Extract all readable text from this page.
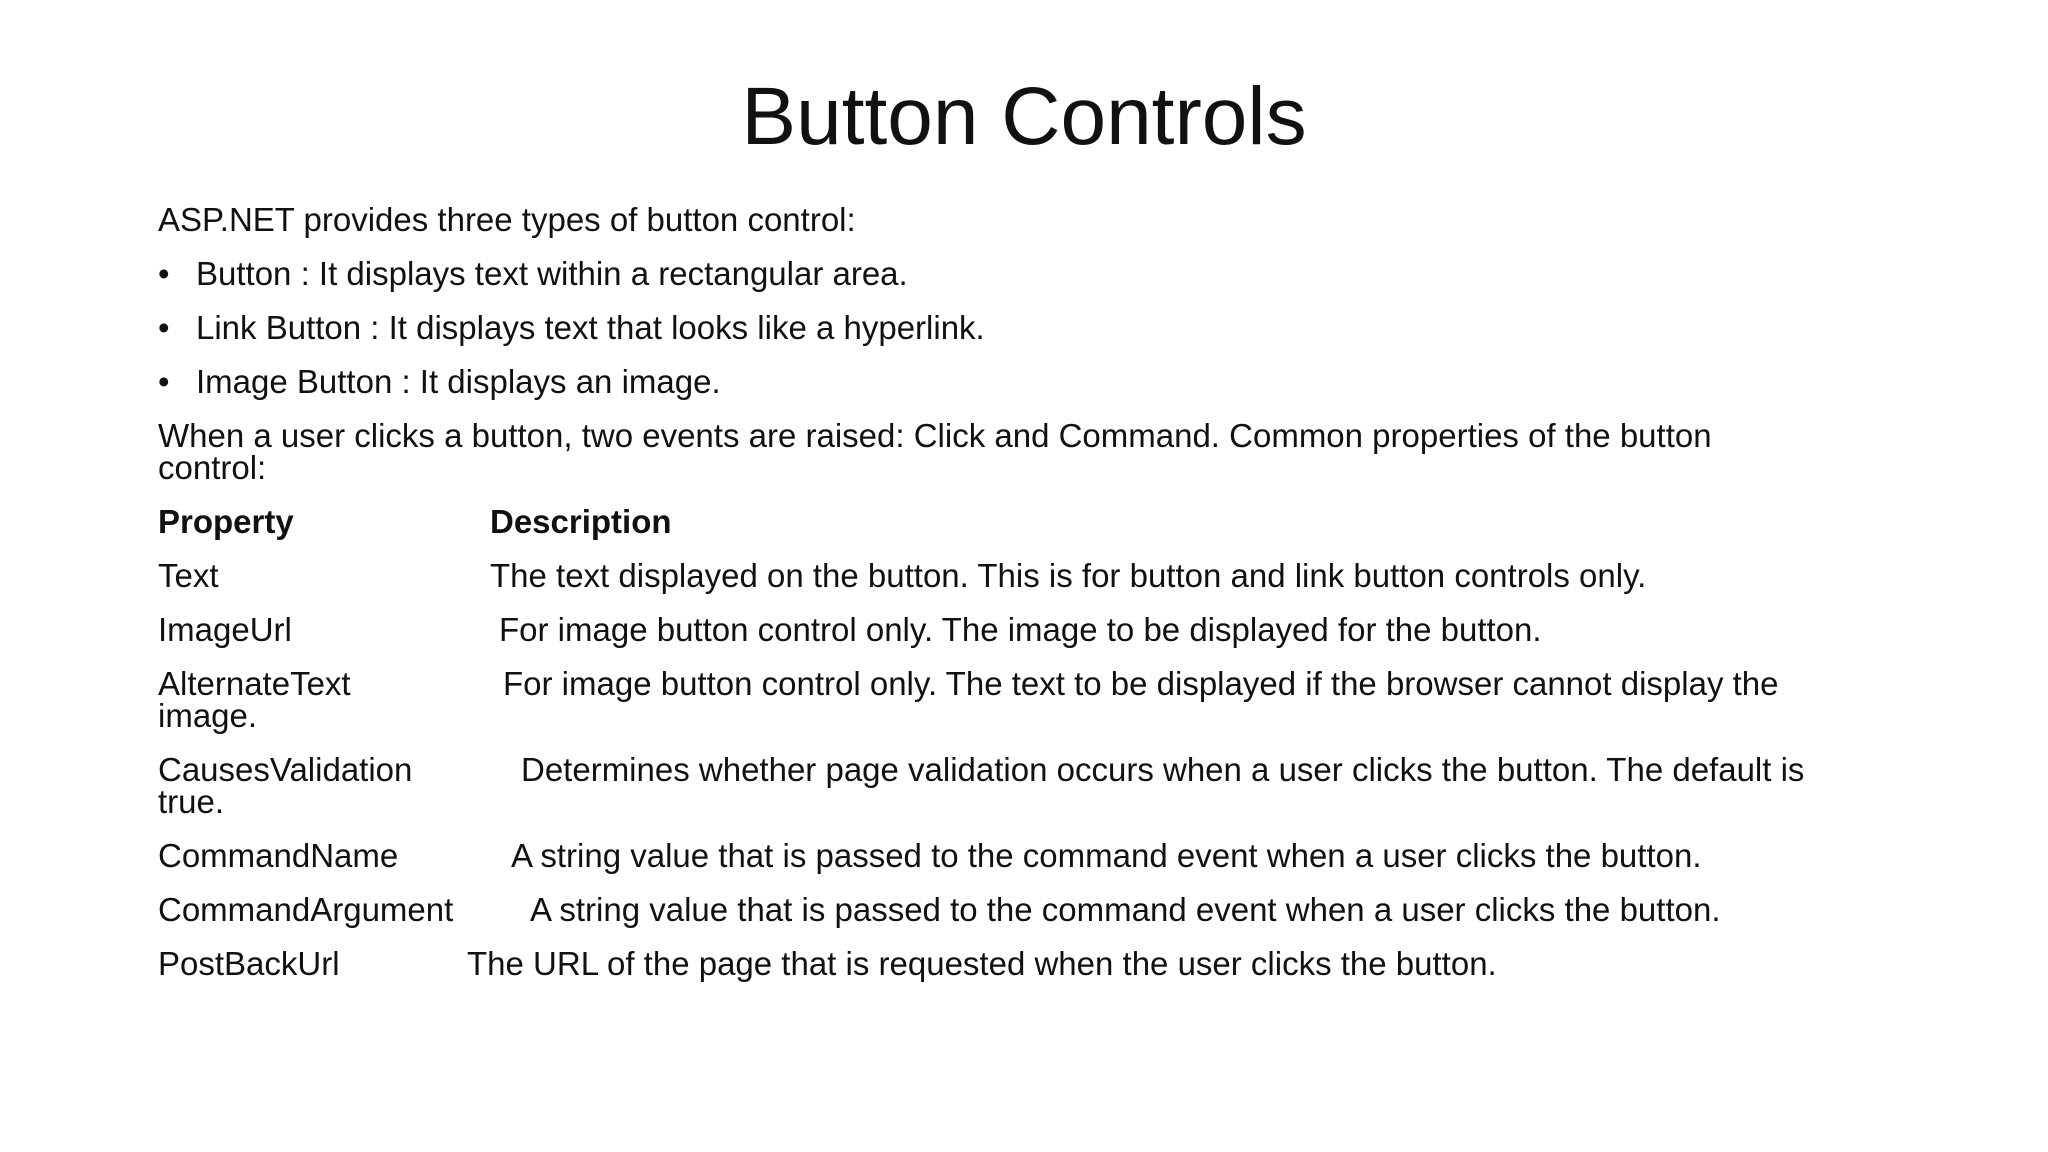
Button Controls
ASP.NET provides three types of button control:
• Button : It displays text within a rectangular area.
• Link Button : It displays text that looks like a hyperlink.
• Image Button : It displays an image.
When a user clicks a button, two events are raised: Click and Command. Common properties of the button
control:
Property	Description
Text	The text displayed on the button. This is for button and link button controls only.
ImageUrl	For image button control only. The image to be displayed for the button.
AlternateText	For image button control only. The text to be displayed if the browser cannot display the
image.
CausesValidation	Determines whether page validation occurs when a user clicks the button. The default is
true.
CommandName	A string value that is passed to the command event when a user clicks the button.
CommandArgument A string value that is passed to the command event when a user clicks the button.
PostBackUrl	The URL of the page that is requested when the user clicks the button.
